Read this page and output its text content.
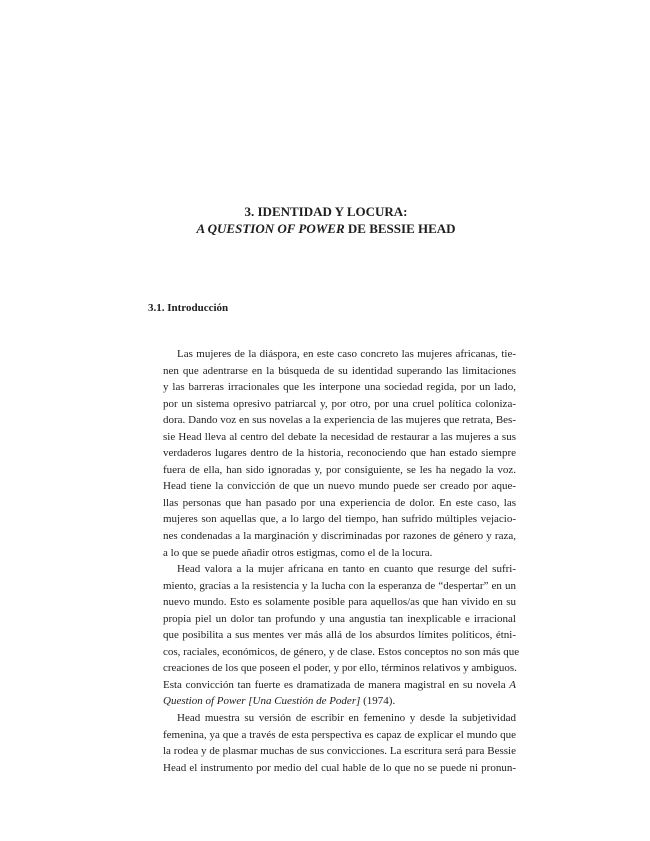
3. IDENTIDAD Y LOCURA:
A QUESTION OF POWER DE BESSIE HEAD
3.1. Introducción
Las mujeres de la diáspora, en este caso concreto las mujeres africanas, tie-
nen que adentrarse en la búsqueda de su identidad superando las limitaciones
y las barreras irracionales que les interpone una sociedad regida, por un lado,
por un sistema opresivo patriarcal y, por otro, por una cruel política coloniza-
dora. Dando voz en sus novelas a la experiencia de las mujeres que retrata, Bes-
sie Head lleva al centro del debate la necesidad de restaurar a las mujeres a sus
verdaderos lugares dentro de la historia, reconociendo que han estado siempre
fuera de ella, han sido ignoradas y, por consiguiente, se les ha negado la voz.
Head tiene la convicción de que un nuevo mundo puede ser creado por aque-
llas personas que han pasado por una experiencia de dolor. En este caso, las
mujeres son aquellas que, a lo largo del tiempo, han sufrido múltiples vejacio-
nes condenadas a la marginación y discriminadas por razones de género y raza,
a lo que se puede añadir otros estigmas, como el de la locura.
Head valora a la mujer africana en tanto en cuanto que resurge del sufri-
miento, gracias a la resistencia y la lucha con la esperanza de “despertar” en un
nuevo mundo. Esto es solamente posible para aquellos/as que han vivido en su
propia piel un dolor tan profundo y una angustia tan inexplicable e irracional
que posibilita a sus mentes ver más allá de los absurdos límites políticos, étni-
cos, raciales, económicos, de género, y de clase. Estos conceptos no son más que
creaciones de los que poseen el poder, y por ello, términos relativos y ambiguos.
Esta convicción tan fuerte es dramatizada de manera magistral en su novela A
Question of Power [Una Cuestión de Poder] (1974).
Head muestra su versión de escribir en femenino y desde la subjetividad
femenina, ya que a través de esta perspectiva es capaz de explicar el mundo que
la rodea y de plasmar muchas de sus convicciones. La escritura será para Bessie
Head el instrumento por medio del cual hable de lo que no se puede ni pronun-
